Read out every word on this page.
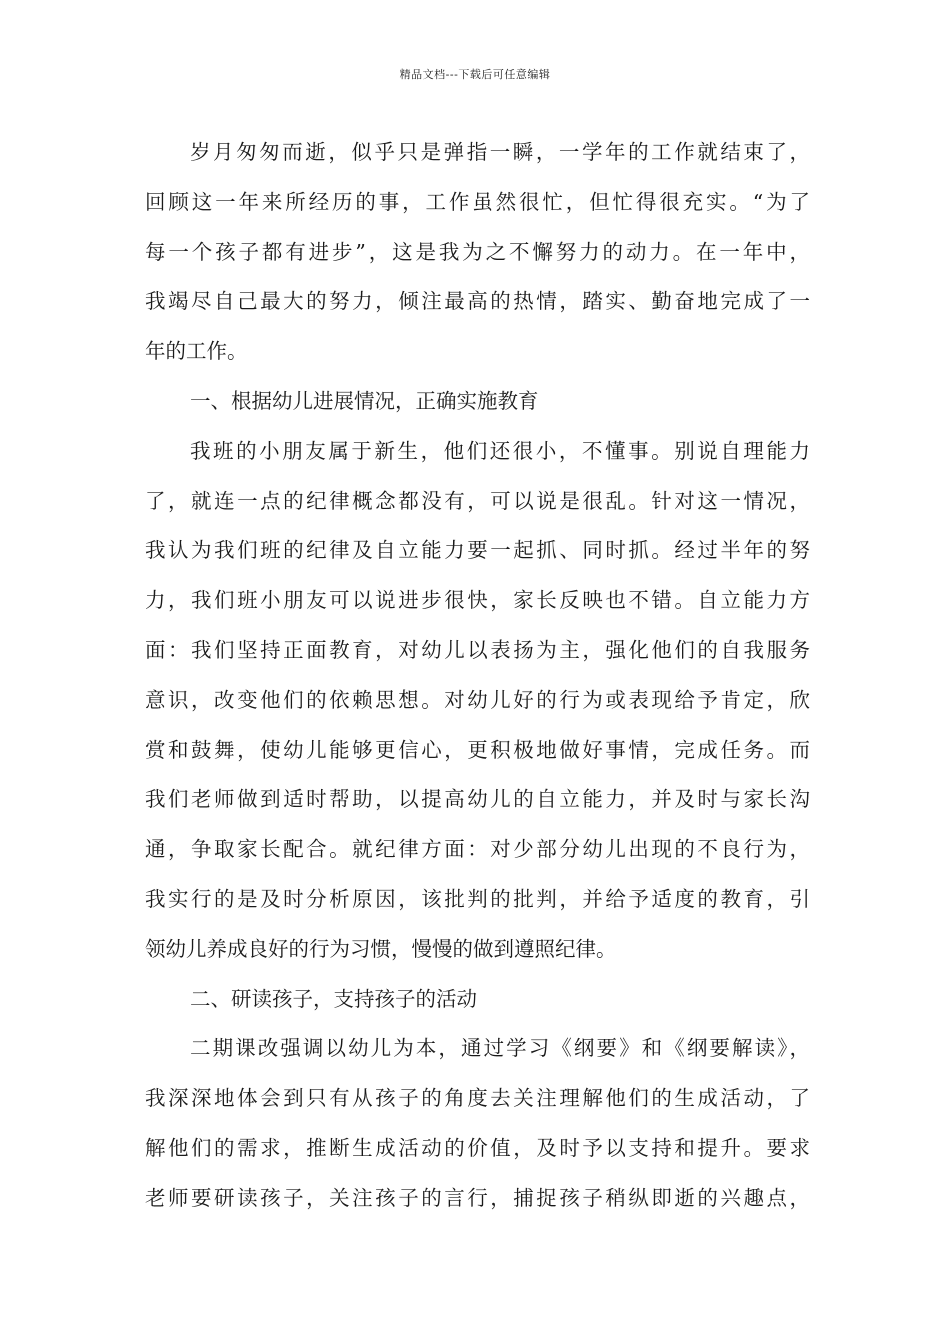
精品文档---下载后可任意编辑
岁月匆匆而逝，似乎只是弹指一瞬，一学年的工作就结束了，
回顾这一年来所经历的事，工作虽然很忙，但忙得很充实。“为了
每一个孩子都有进步”，这是我为之不懈努力的动力。在一年中，
我竭尽自己最大的努力，倾注最高的热情，踏实、勤奋地完成了一
年的工作。
一、根据幼儿进展情况，正确实施教育
我班的小朋友属于新生，他们还很小，不懂事。别说自理能力
了，就连一点的纪律概念都没有，可以说是很乱。针对这一情况，
我认为我们班的纪律及自立能力要一起抓、同时抓。经过半年的努
力，我们班小朋友可以说进步很快，家长反映也不错。自立能力方
面：我们坚持正面教育，对幼儿以表扬为主，强化他们的自我服务
意识，改变他们的依赖思想。对幼儿好的行为或表现给予肯定，欣
赏和鼓舞，使幼儿能够更信心，更积极地做好事情，完成任务。而
我们老师做到适时帮助，以提高幼儿的自立能力，并及时与家长沟
通，争取家长配合。就纪律方面：对少部分幼儿出现的不良行为，
我实行的是及时分析原因，该批判的批判，并给予适度的教育，引
领幼儿养成良好的行为习惯，慢慢的做到遵照纪律。
二、研读孩子，支持孩子的活动
二期课改强调以幼儿为本，通过学习《纲要》和《纲要解读》，
我深深地体会到只有从孩子的角度去关注理解他们的生成活动，了
解他们的需求，推断生成活动的价值，及时予以支持和提升。要求
老师要研读孩子，关注孩子的言行，捕捉孩子稍纵即逝的兴趣点，
